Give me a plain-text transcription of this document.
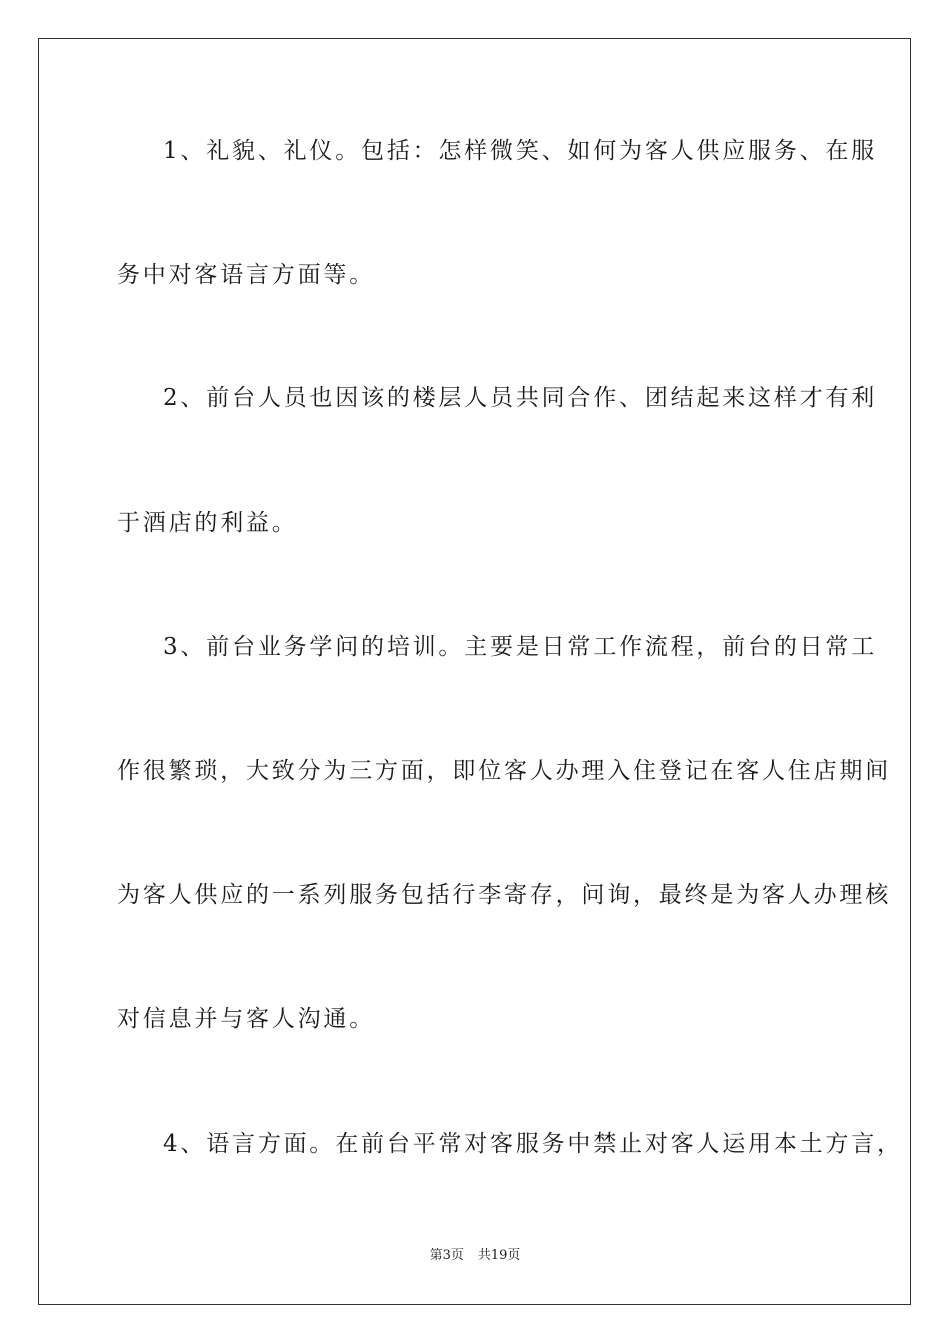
1、礼貌、礼仪。包括：怎样微笑、如何为客人供应服务、在服
务中对客语言方面等。
2、前台人员也因该的楼层人员共同合作、团结起来这样才有利
于酒店的利益。
3、前台业务学问的培训。主要是日常工作流程，前台的日常工
作很繁琐，大致分为三方面，即位客人办理入住登记在客人住店期间
为客人供应的一系列服务包括行李寄存，问询，最终是为客人办理核
对信息并与客人沟通。
4、语言方面。在前台平常对客服务中禁止对客人运用本土方言，
第3页 共19页
